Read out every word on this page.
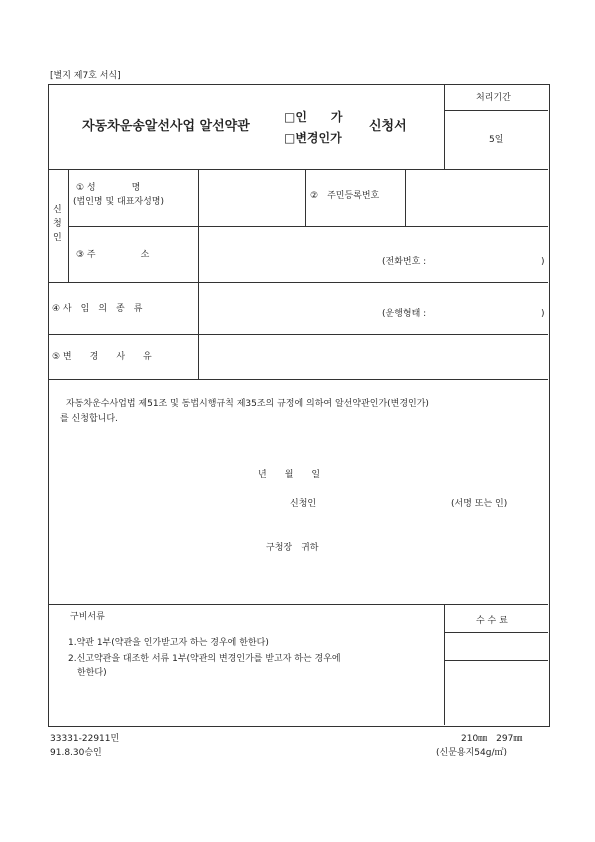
[별지 제7호 서식]
자동차운송알선사업 알선약관
□인　　가
□변경인가
신청서
처리기간
5일
신
청
인
① 성　　　　명
(법인명 및 대표자성명)
②　주민등록번호
③ 주　　　　　소
(전화번호 :	)
④ 사　임　의　종　류	(운행형태 :	)
⑤ 변　　경　　사　　유
자동차운수사업법 제51조 및 동법시행규칙 제35조의 규정에 의하여 알선약관인가(변경인가)
를 신청합니다.
년　　월　　일
신청인	(서명 또는 인)
구청장　귀하
구비서류
1.약관 1부(약관을 인가받고자 하는 경우에 한한다)
2.신고약관을 대조한 서류 1부(약관의 변경인가를 받고자 하는 경우에
한한다)
수 수 료
33331-22911민
91.8.30승인
210㎜　297㎜
(신문용지54g/㎡)
